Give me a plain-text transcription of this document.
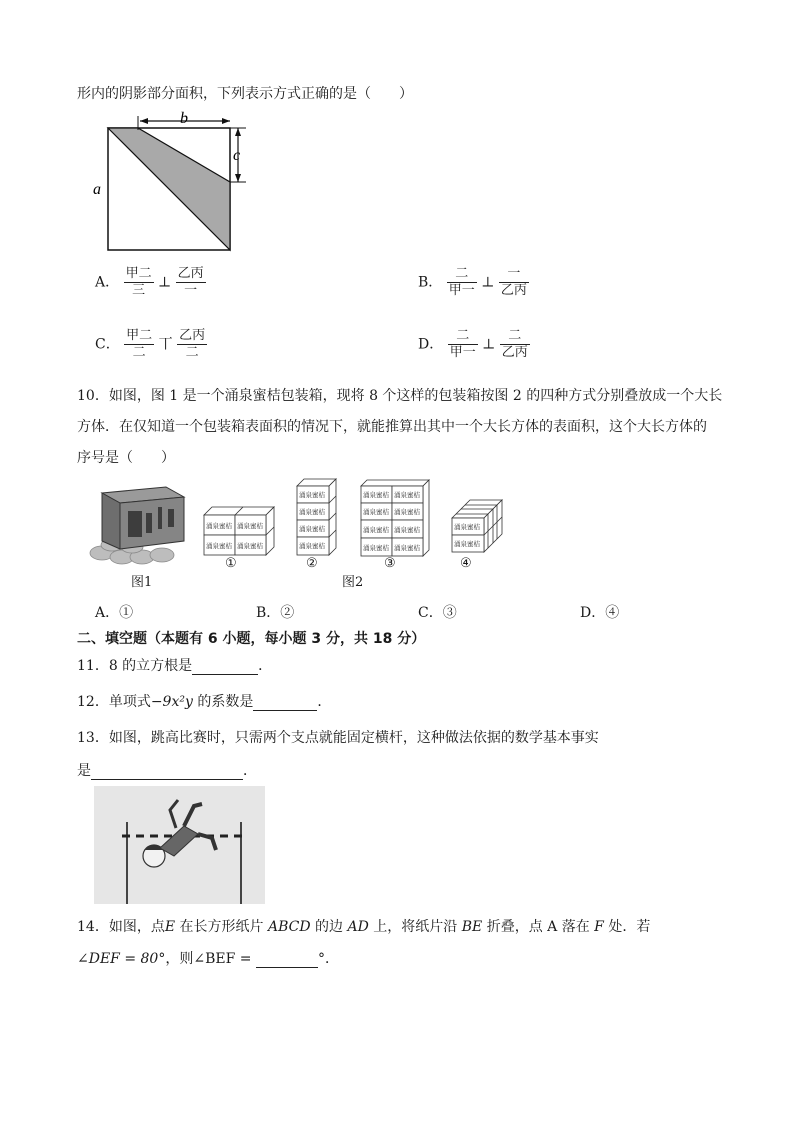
形内的阴影部分面积，下列表示方式正确的是（　　）
b
c
a
A． $\frac{\text{甲二}}{\text{三}}$ ⊥ $\frac{\text{乙丙}}{\text{一}}$	B． $\frac{\text{二}}{\text{甲一}}$ ⊥ $\frac{\text{一}}{\text{乙丙}}$
C． $\frac{\text{甲二}}{\text{二}}$ 丅 $\frac{\text{乙丙}}{\text{二}}$	D． $\frac{\text{二}}{\text{甲一}}$ ⊥ $\frac{\text{二}}{\text{乙丙}}$
10．如图，图 1 是一个涌泉蜜桔包装箱，现将 8 个这样的包装箱按图 2 的四种方式分别叠放成一个大长
方体．在仅知道一个包装箱表面积的情况下，就能推算出其中一个大长方体的表面积，这个大长方体的
序号是（　　）
图1
涌泉蜜桔 涌泉蜜桔
涌泉蜜桔 涌泉蜜桔
①
涌泉蜜桔
涌泉蜜桔
涌泉蜜桔
涌泉蜜桔
②
涌泉蜜桔 涌泉蜜桔
涌泉蜜桔 涌泉蜜桔
涌泉蜜桔 涌泉蜜桔
涌泉蜜桔 涌泉蜜桔
③
图2
涌泉蜜桔
涌泉蜜桔
④
A．①	B．②	C．③	D．④
二、填空题（本题有 6 小题，每小题 3 分，共 18 分）
11．8 的立方根是	．
12．单项式−9x²y 的系数是	．
13．如图，跳高比赛时，只需两个支点就能固定横杆，这种做法依据的数学基本事实
是	．
14．如图，点E 在长方形纸片 ABCD 的边 AD 上，将纸片沿 BE 折叠，点 A 落在 F 处．若
∠DEF = 80°，则∠BEF =	°．
